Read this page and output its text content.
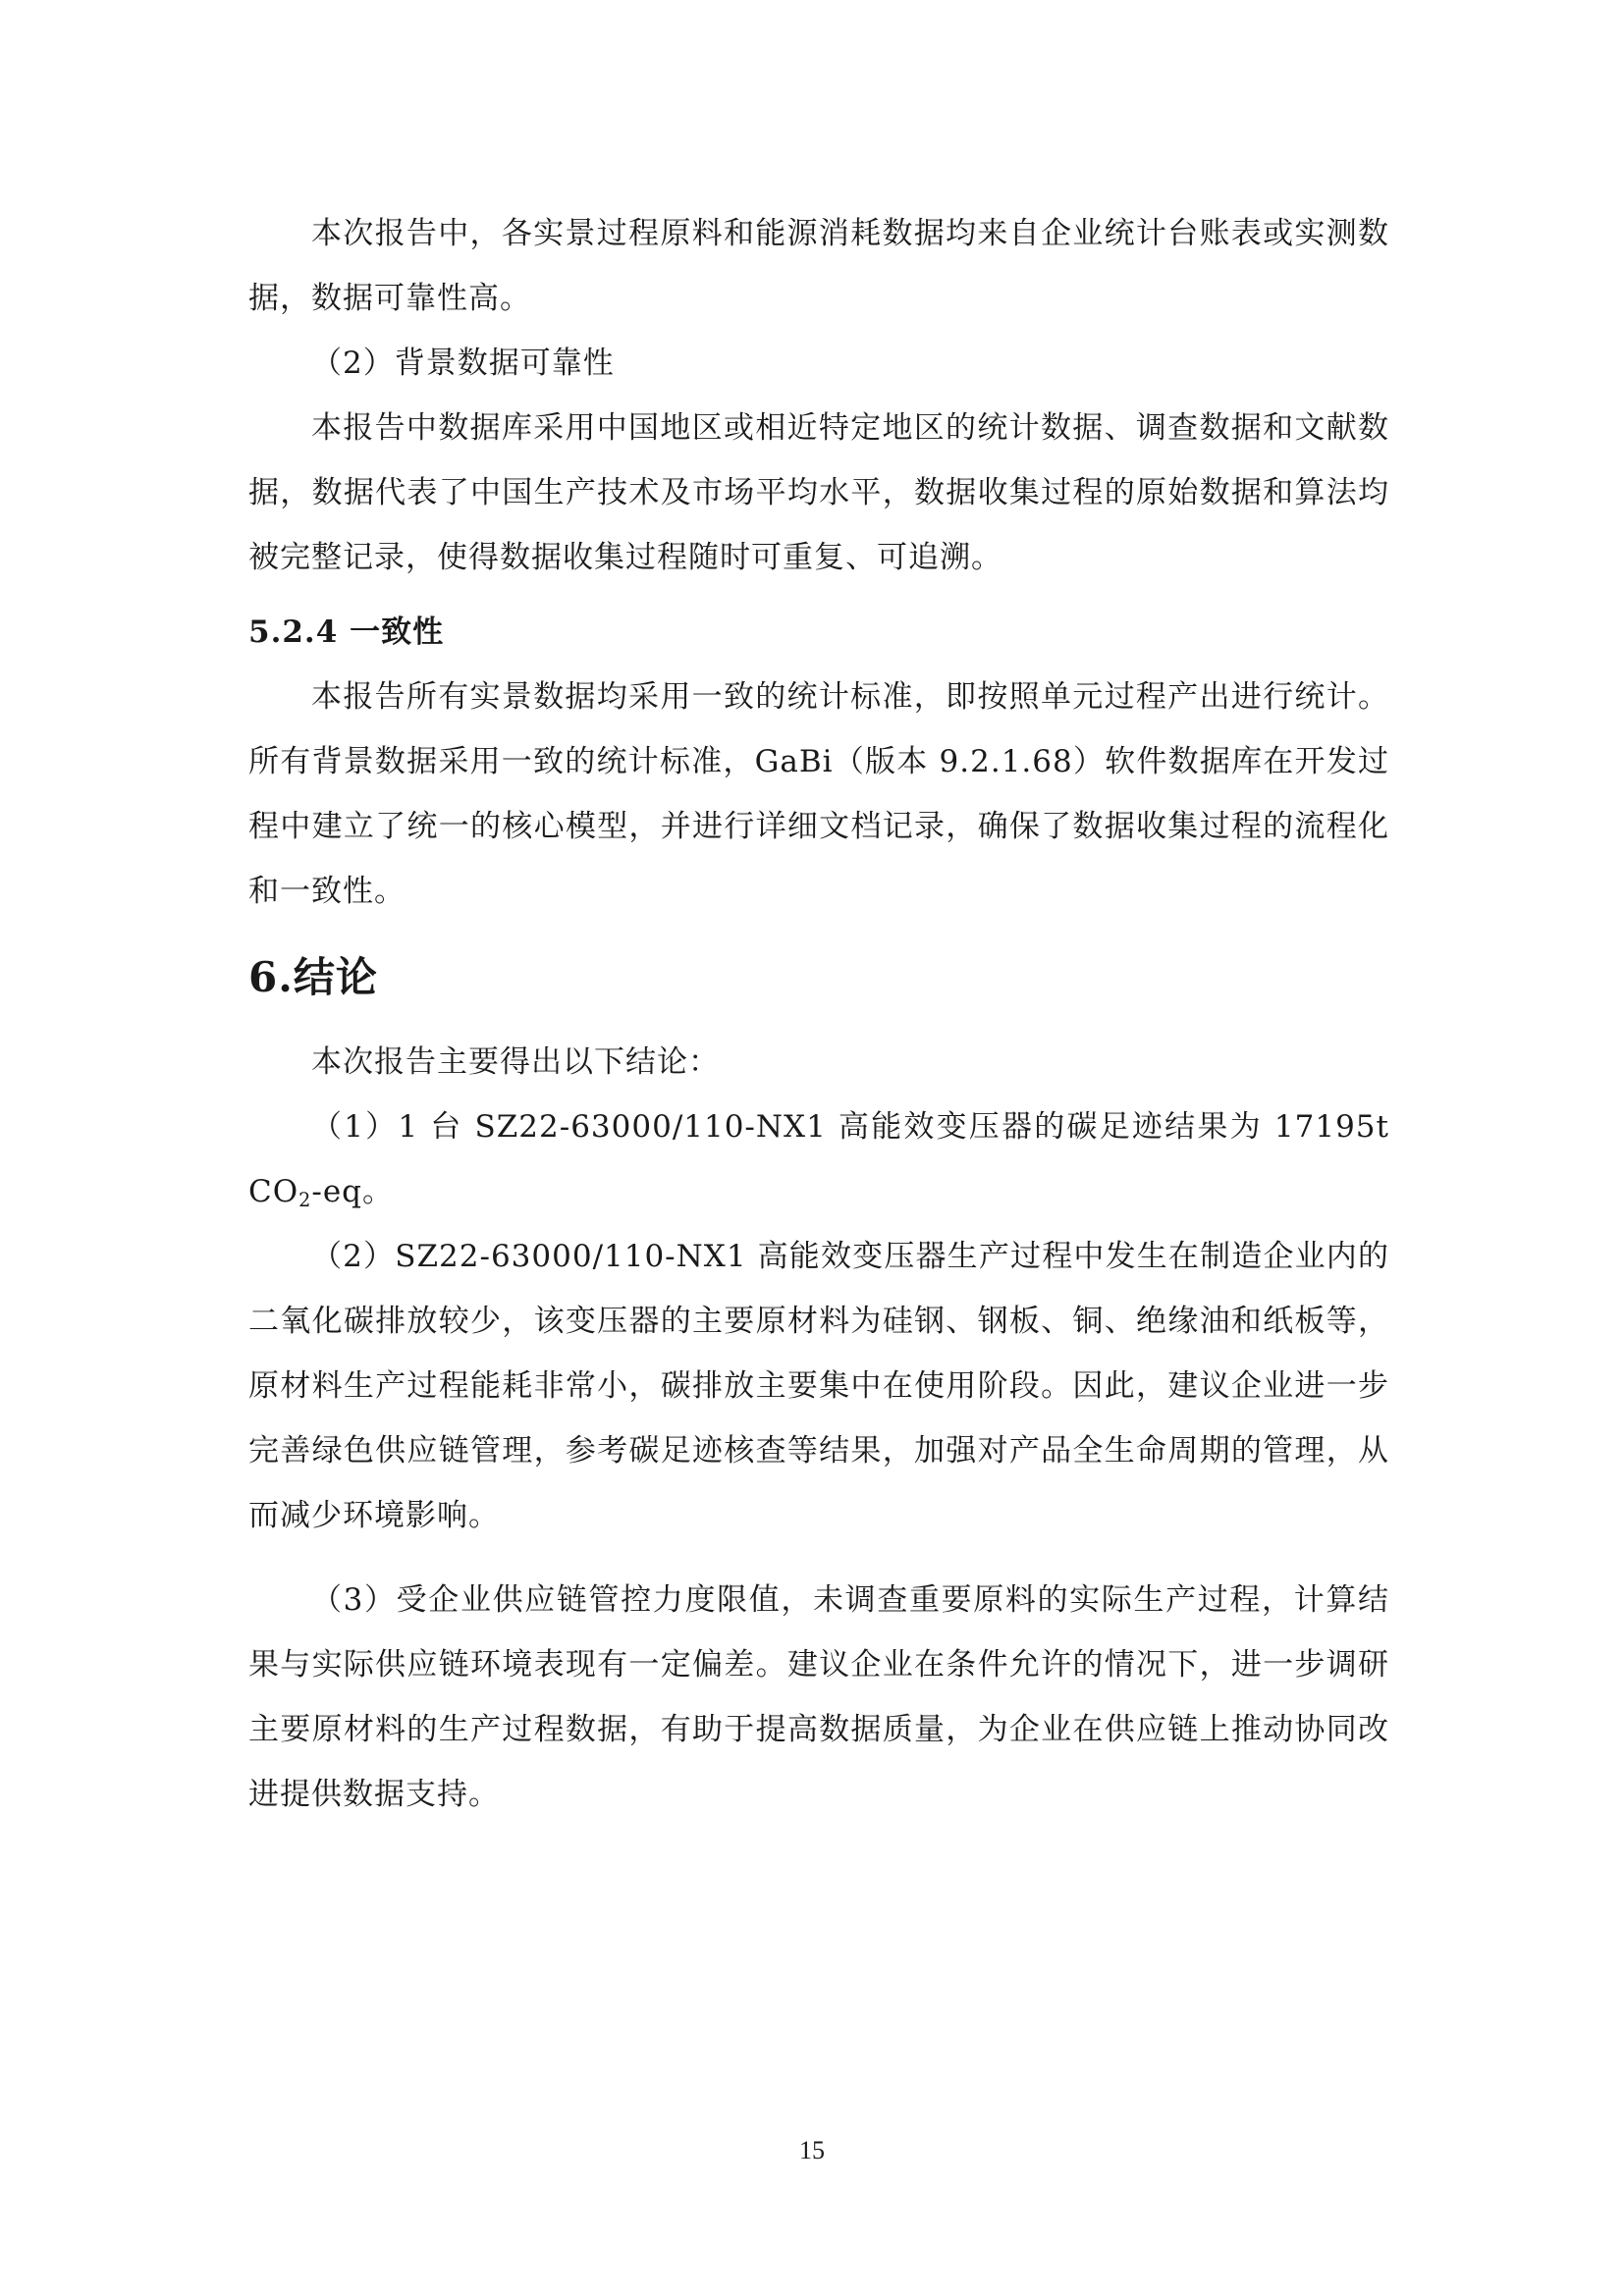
本次报告中，各实景过程原料和能源消耗数据均来自企业统计台账表或实测数据，数据可靠性高。

（2）背景数据可靠性

本报告中数据库采用中国地区或相近特定地区的统计数据、调查数据和文献数据，数据代表了中国生产技术及市场平均水平，数据收集过程的原始数据和算法均被完整记录，使得数据收集过程随时可重复、可追溯。

5.2.4 一致性

本报告所有实景数据均采用一致的统计标准，即按照单元过程产出进行统计。所有背景数据采用一致的统计标准，GaBi（版本 9.2.1.68）软件数据库在开发过程中建立了统一的核心模型，并进行详细文档记录，确保了数据收集过程的流程化和一致性。

6.结论

本次报告主要得出以下结论：

（1）1 台 SZ22-63000/110-NX1 高能效变压器的碳足迹结果为 17195t $CO_2-eq$。

（2）SZ22-63000/110-NX1 高能效变压器生产过程中发生在制造企业内的二氧化碳排放较少，该变压器的主要原材料为硅钢、钢板、铜、绝缘油和纸板等，原材料生产过程能耗非常小，碳排放主要集中在使用阶段。因此，建议企业进一步完善绿色供应链管理，参考碳足迹核查等结果，加强对产品全生命周期的管理，从而减少环境影响。

（3）受企业供应链管控力度限值，未调查重要原料的实际生产过程，计算结果与实际供应链环境表现有一定偏差。建议企业在条件允许的情况下，进一步调研主要原材料的生产过程数据，有助于提高数据质量，为企业在供应链上推动协同改进提供数据支持。

15
